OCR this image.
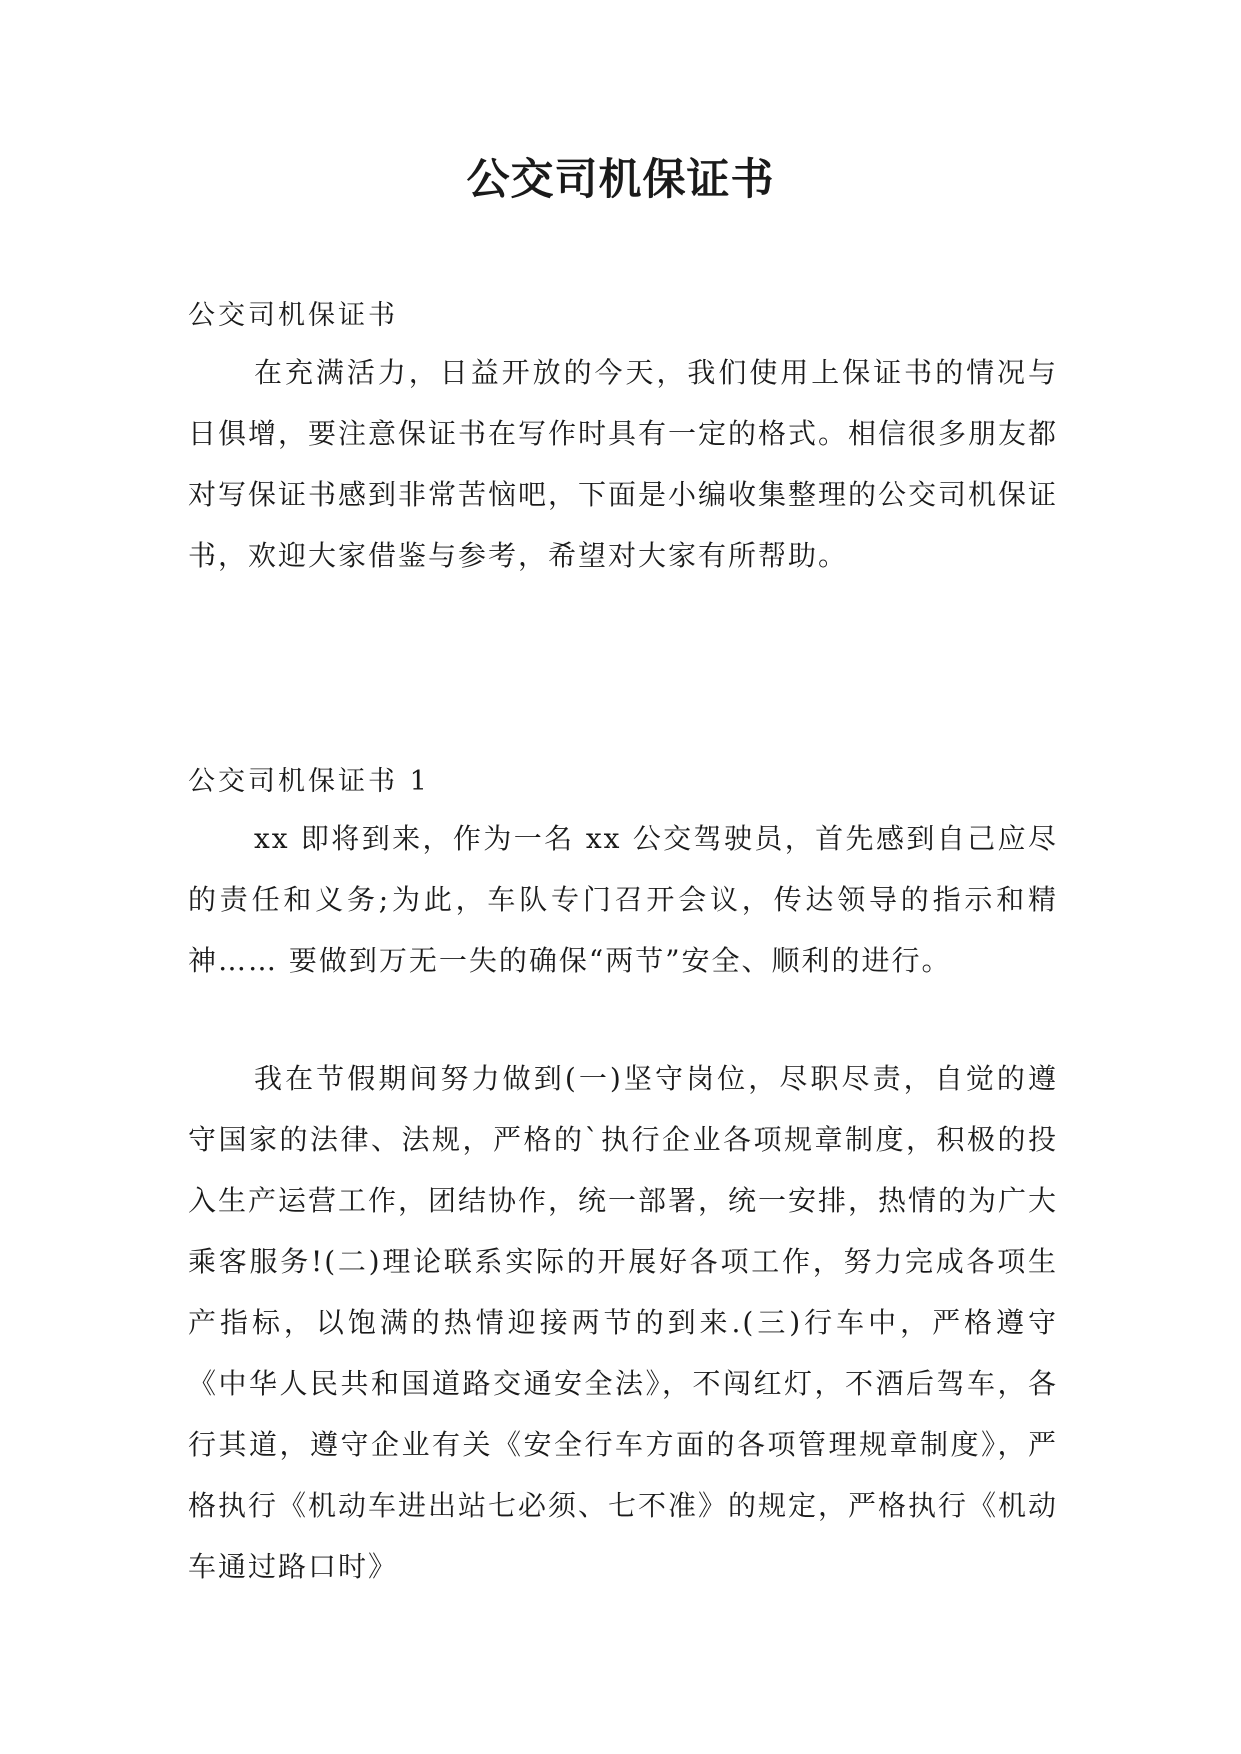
公交司机保证书

公交司机保证书

在充满活力，日益开放的今天，我们使用上保证书的情况与日俱增，要注意保证书在写作时具有一定的格式。相信很多朋友都对写保证书感到非常苦恼吧，下面是小编收集整理的公交司机保证书，欢迎大家借鉴与参考，希望对大家有所帮助。

公交司机保证书 1

xx 即将到来，作为一名 xx 公交驾驶员，首先感到自己应尽的责任和义务;为此，车队专门召开会议，传达领导的指示和精神…… 要做到万无一失的确保“两节”安全、顺利的进行。

我在节假期间努力做到(一)坚守岗位，尽职尽责，自觉的遵守国家的法律、法规，严格的`执行企业各项规章制度，积极的投入生产运营工作，团结协作，统一部署，统一安排，热情的为广大乘客服务!(二)理论联系实际的开展好各项工作，努力完成各项生产指标，以饱满的热情迎接两节的到来.(三)行车中，严格遵守《中华人民共和国道路交通安全法》，不闯红灯，不酒后驾车，各行其道，遵守企业有关《安全行车方面的各项管理规章制度》，严格执行《机动车进出站七必须、七不准》的规定，严格执行《机动车通过路口时》
